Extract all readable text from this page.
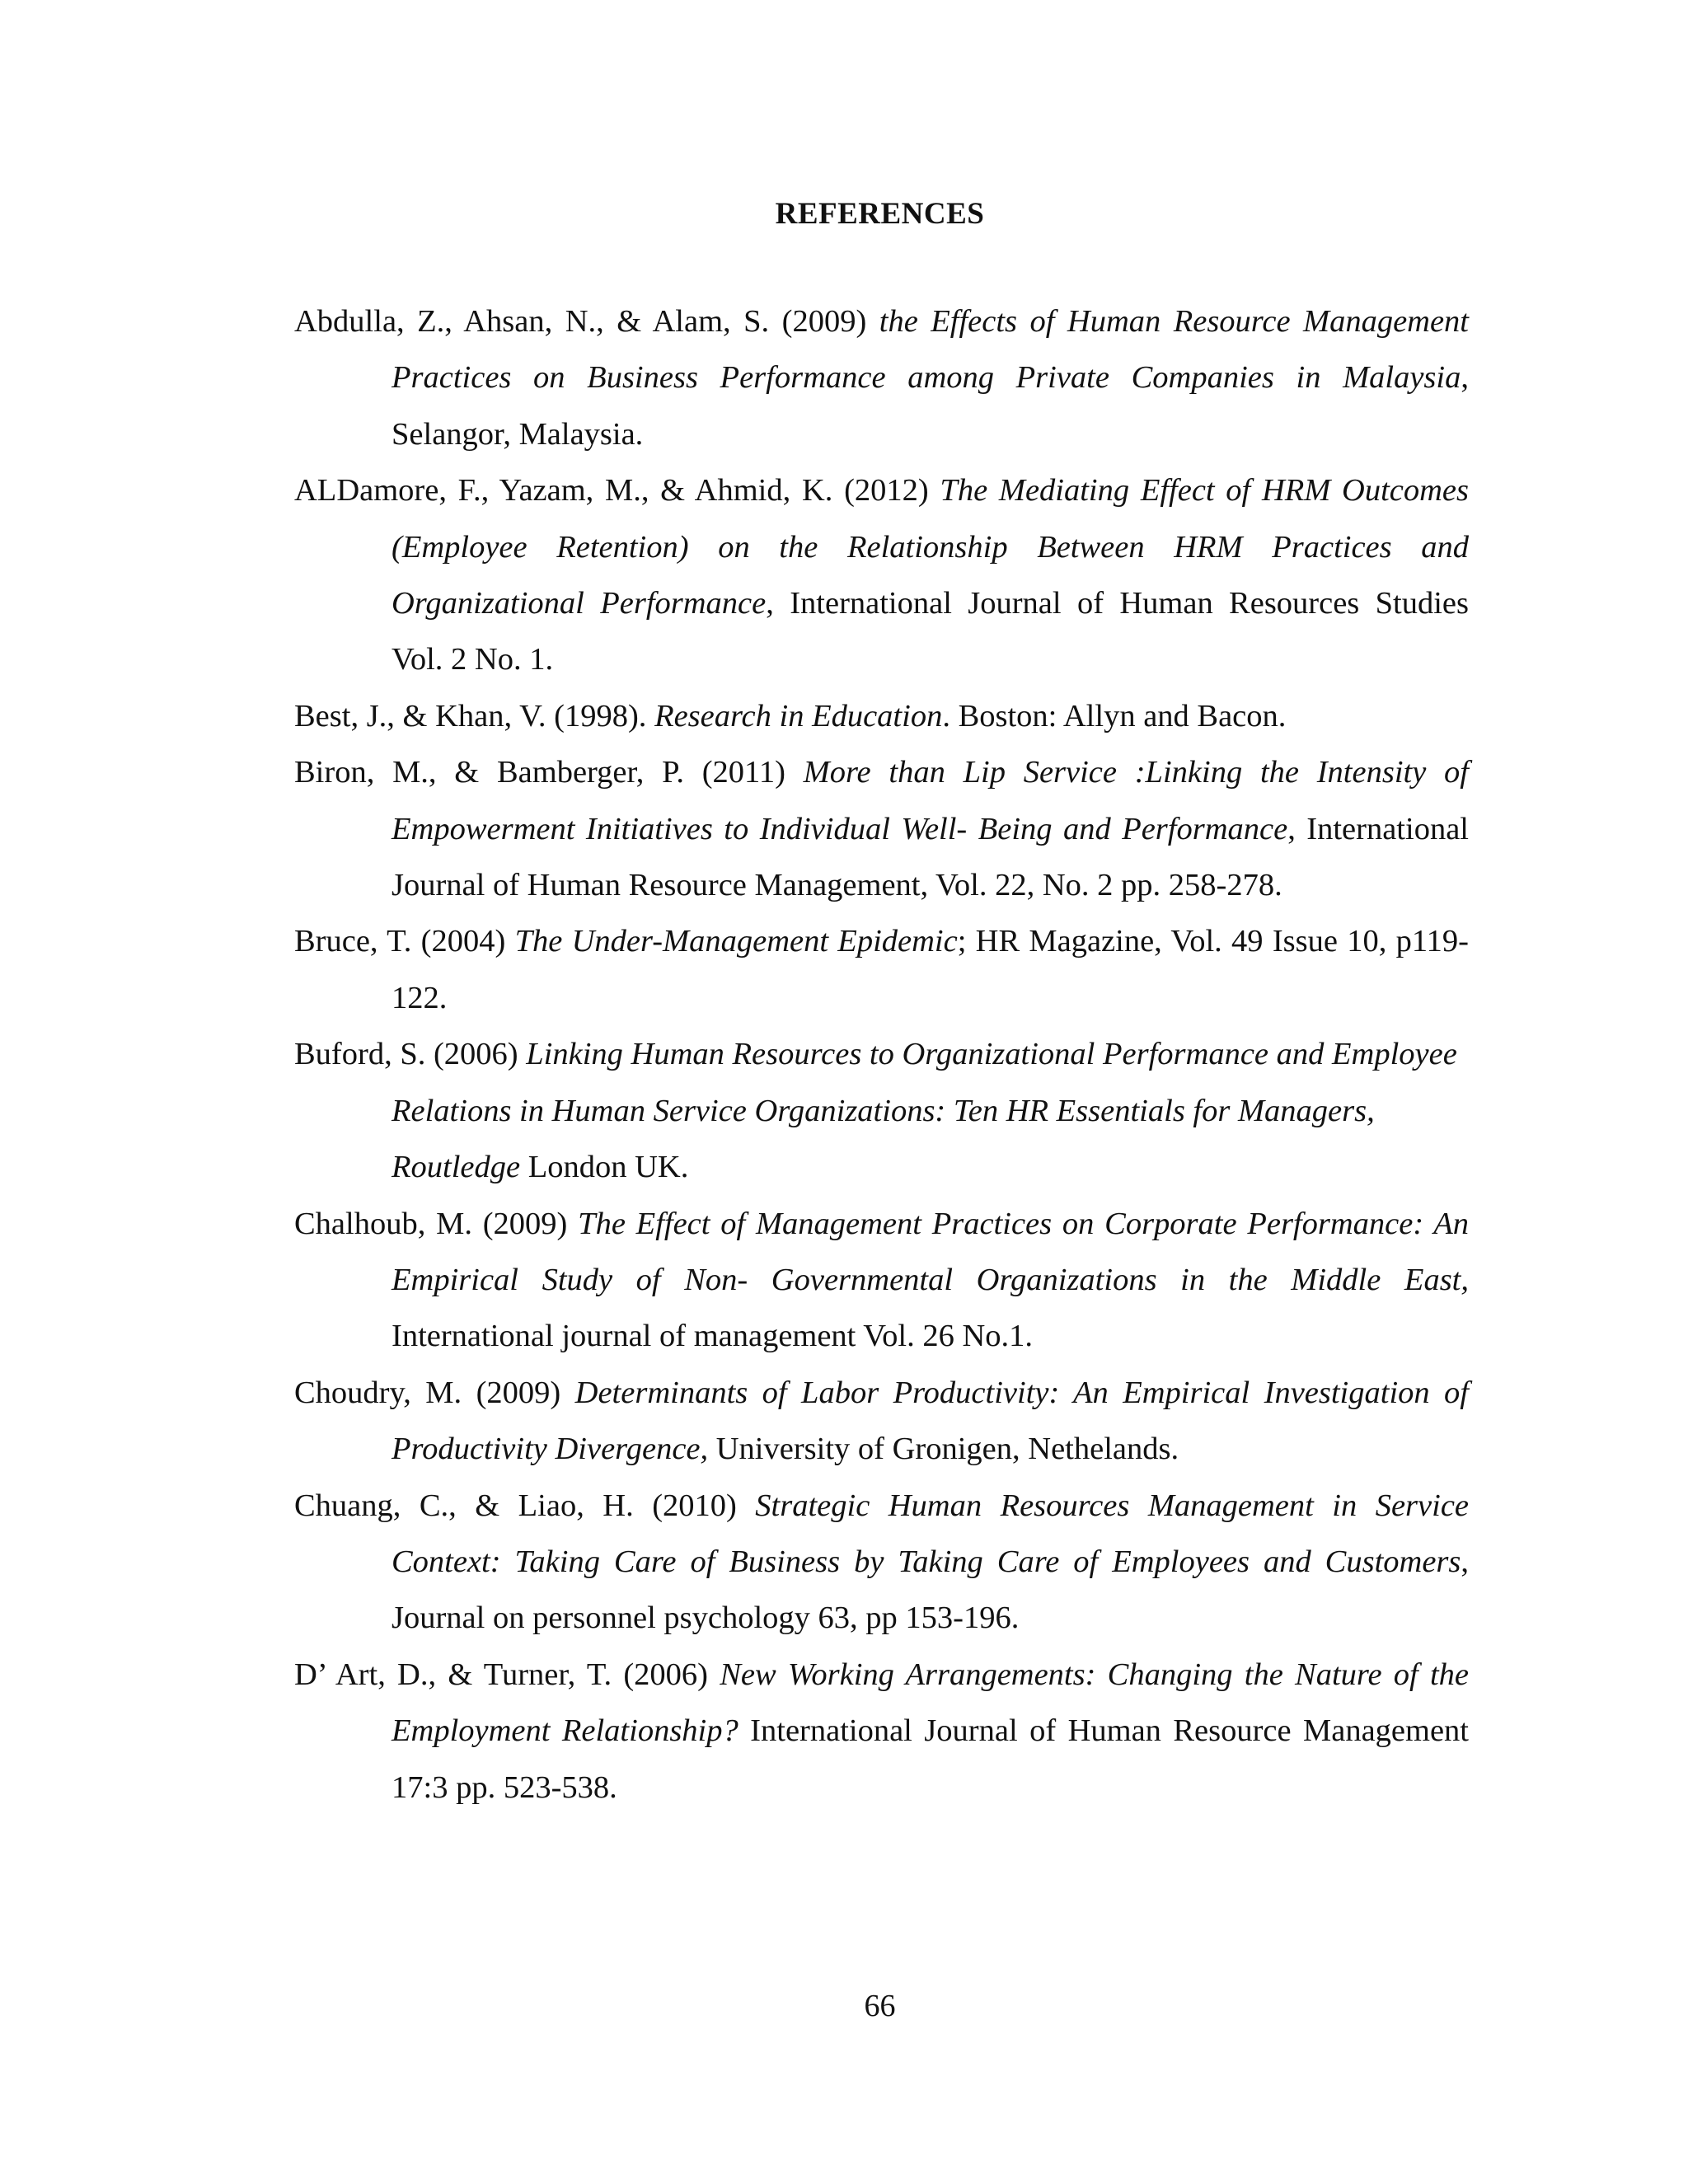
REFERENCES

Abdulla, Z., Ahsan, N., & Alam, S. (2009) the Effects of Human Resource Management Practices on Business Performance among Private Companies in Malaysia, Selangor, Malaysia.

ALDamore, F., Yazam, M., & Ahmid, K. (2012) The Mediating Effect of HRM Outcomes (Employee Retention) on the Relationship Between HRM Practices and Organizational Performance, International Journal of Human Resources Studies Vol. 2 No. 1.

Best, J., & Khan, V. (1998). Research in Education. Boston: Allyn and Bacon.

Biron, M., & Bamberger, P. (2011) More than Lip Service :Linking the Intensity of Empowerment Initiatives to Individual Well- Being and Performance, International Journal of Human Resource Management, Vol. 22, No. 2 pp. 258-278.

Bruce, T. (2004) The Under-Management Epidemic; HR Magazine, Vol. 49 Issue 10, p119- 122.

Buford, S. (2006) Linking Human Resources to Organizational Performance and Employee Relations in Human Service Organizations: Ten HR Essentials for Managers, Routledge London UK.

Chalhoub, M. (2009) The Effect of Management Practices on Corporate Performance: An Empirical Study of Non- Governmental Organizations in the Middle East, International journal of management Vol. 26 No.1.

Choudry, M. (2009) Determinants of Labor Productivity: An Empirical Investigation of Productivity Divergence, University of Gronigen, Nethelands.

Chuang, C., & Liao, H. (2010) Strategic Human Resources Management in Service Context: Taking Care of Business by Taking Care of Employees and Customers, Journal on personnel psychology 63, pp 153-196.

D’ Art, D., & Turner, T. (2006) New Working Arrangements: Changing the Nature of the Employment Relationship? International Journal of Human Resource Management 17:3 pp. 523-538.

66
